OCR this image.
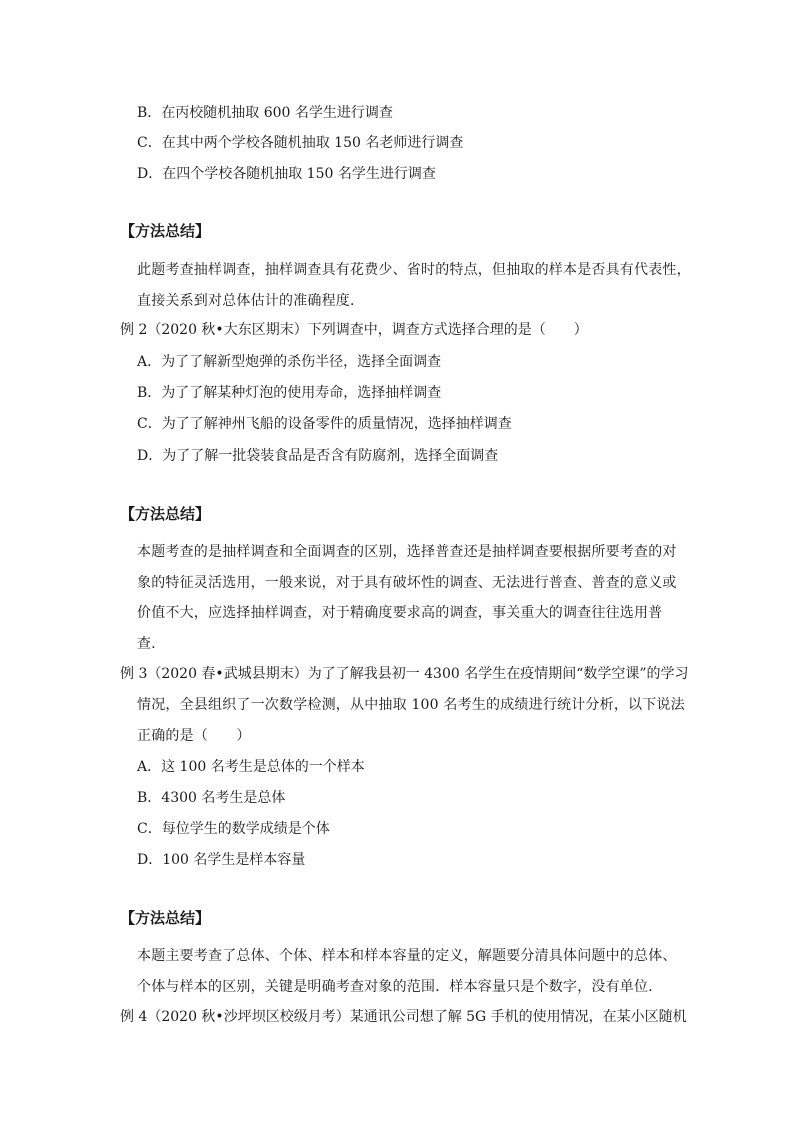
B．在丙校随机抽取 600 名学生进行调查
C．在其中两个学校各随机抽取 150 名老师进行调查
D．在四个学校各随机抽取 150 名学生进行调查
【方法总结】
此题考查抽样调查，抽样调查具有花费少、省时的特点，但抽取的样本是否具有代表性，
直接关系到对总体估计的准确程度．
例 2（2020 秋•大东区期末）下列调查中，调查方式选择合理的是（　　）
A．为了了解新型炮弹的杀伤半径，选择全面调查
B．为了了解某种灯泡的使用寿命，选择抽样调查
C．为了了解神州飞船的设备零件的质量情况，选择抽样调查
D．为了了解一批袋装食品是否含有防腐剂，选择全面调查
【方法总结】
本题考查的是抽样调查和全面调查的区别，选择普查还是抽样调查要根据所要考查的对
象的特征灵活选用，一般来说，对于具有破坏性的调查、无法进行普查、普查的意义或
价值不大，应选择抽样调查，对于精确度要求高的调查，事关重大的调查往往选用普
查．
例 3（2020 春•武城县期末）为了了解我县初一 4300 名学生在疫情期间“数学空课”的学习
情况，全县组织了一次数学检测，从中抽取 100 名考生的成绩进行统计分析，以下说法
正确的是（　　）
A．这 100 名考生是总体的一个样本
B．4300 名考生是总体
C．每位学生的数学成绩是个体
D．100 名学生是样本容量
【方法总结】
本题主要考查了总体、个体、样本和样本容量的定义，解题要分清具体问题中的总体、
个体与样本的区别，关键是明确考查对象的范围．样本容量只是个数字，没有单位．
例 4（2020 秋•沙坪坝区校级月考）某通讯公司想了解 5G 手机的使用情况，在某小区随机
